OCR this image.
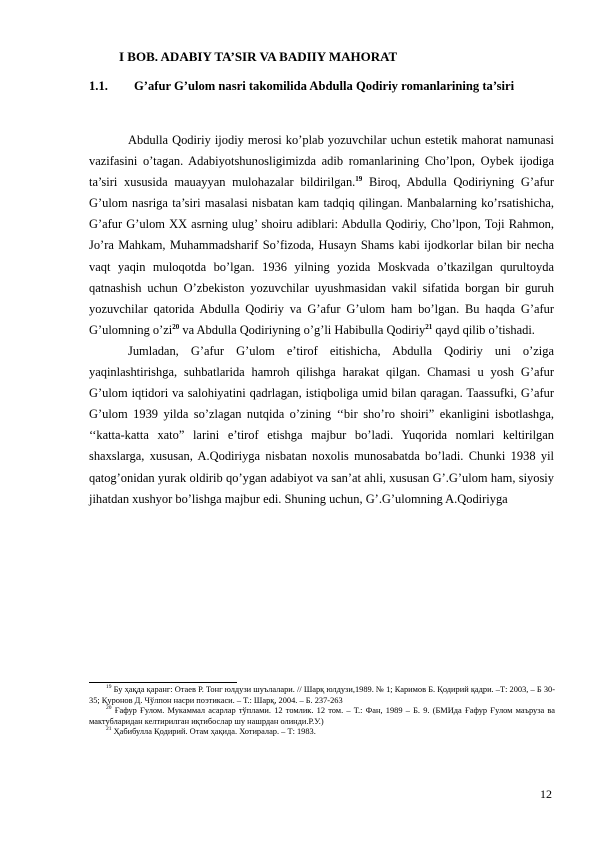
I BOB. ADABIY TA’SIR VA BADIIY MAHORAT
1.1. G’afur G’ulom nasri takomilida Abdulla Qodiriy romanlarining ta’siri

Abdulla Qodiriy ijodiy merosi ko’plab yozuvchilar uchun estetik mahorat namunasi vazifasini o’tagan. Adabiyotshunosligimizda adib romanlarining Cho’lpon, Oybek ijodiga ta’siri xususida mauayyan mulohazalar bildirilgan.$^{19}$ Biroq, Abdulla Qodiriyning G’afur G’ulom nasriga ta’siri masalasi nisbatan kam tadqiq qilingan. Manbalarning ko’rsatishicha, G’afur G’ulom XX asrning ulug’ shoiru adiblari: Abdulla Qodiriy, Cho’lpon, Toji Rahmon, Jo’ra Mahkam, Muhammadsharif So’fizoda, Husayn Shams kabi ijodkorlar bilan bir necha vaqt yaqin muloqotda bo’lgan. 1936 yilning yozida Moskvada o’tkazilgan qurultoyda qatnashish uchun O’zbekiston yozuvchilar uyushmasidan vakil sifatida borgan bir guruh yozuvchilar qatorida Abdulla Qodiriy va G’afur G’ulom ham bo’lgan. Bu haqda G’afur G’ulomning $o’zi^{20}$ va Abdulla Qodiriyning o’g’li Habibulla Qodiriy$^{21}$ qayd qilib o’tishadi.

Jumladan, G’afur G’ulom e’tirof eitishicha, Abdulla Qodiriy uni o’ziga yaqinlashtirishga, suhbatlarida hamroh qilishga harakat qilgan. Chamasi u yosh G’afur G’ulom iqtidori va salohiyatini qadrlagan, istiqboliga umid bilan qaragan. Taassufki, G’afur G’ulom 1939 yilda so’zlagan nutqida o’zining ‘‘bir sho’ro shoiri” ekanligini isbotlashga, ‘‘katta-katta xato” larini e’tirof etishga majbur bo’ladi. Yuqorida nomlari keltirilgan shaxslarga, xususan, A.Qodiriyga nisbatan noxolis munosabatda bo’ladi. Chunki 1938 yil qatog’onidan yurak oldirib qo’ygan adabiyot va san’at ahli, xususan G’.G’ulom ham, siyosiy jihatdan xushyor bo’lishga majbur edi. Shuning uchun, G’.G’ulomning A.Qodiriyga

$^{19}$ Бу ҳақда қаранг: Отаев Р. Тонг юлдузи шуълалари. // Шарқ юлдузи,1989. № 1; Каримов Б. Қодирий қадри. –Т: 2003, – Б 30-35; Қуронов Д. Чўлпон насри поэтикаси. – Т.: Шарқ, 2004. – Б. 237-263

$^{20}$ Ғафур Ғулом. Мукаммал асарлар тўплами. 12 томлик. 12 том. – Т.: Фан, 1989 – Б. 9. (БМИда Ғафур Ғулом маъруза ва мактубларидан келтирилган иқтибослар шу нашрдан олинди.Р.У.)

$^{21}$ Ҳабибулла Қодирий. Отам ҳақида. Хотиралар. – Т: 1983.

12
